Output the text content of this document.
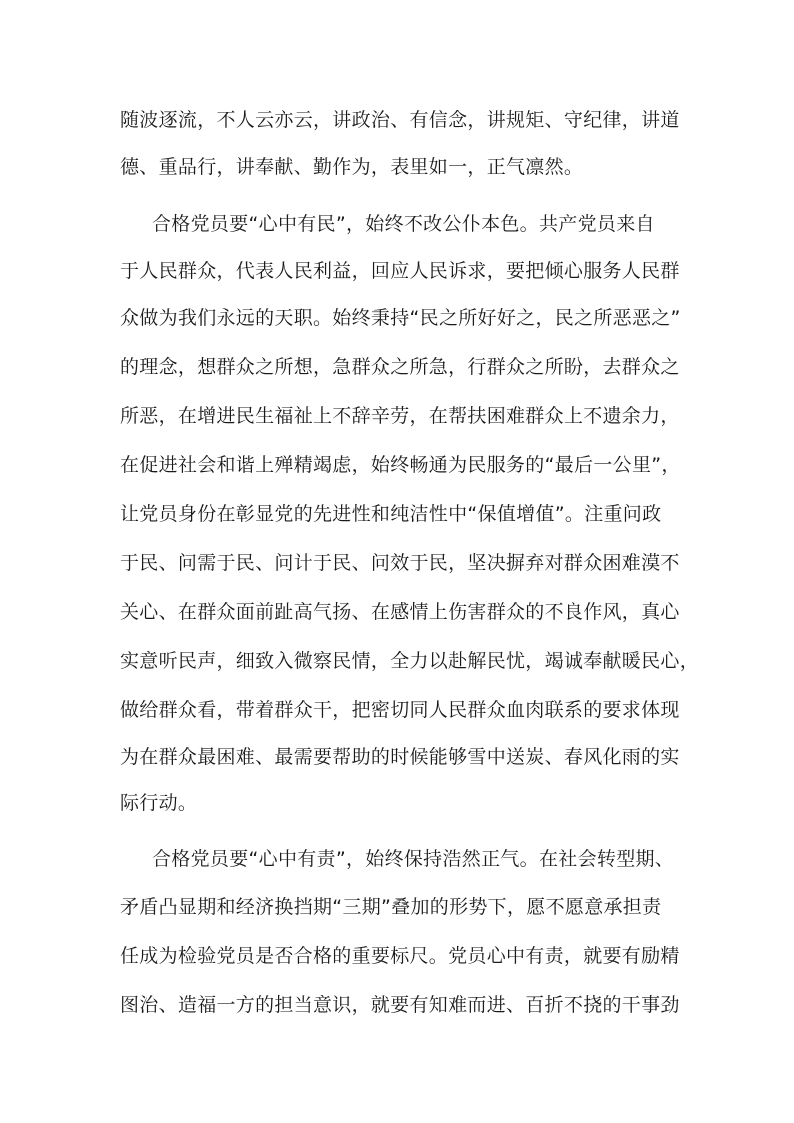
随波逐流，不人云亦云，讲政治、有信念，讲规矩、守纪律，讲道
德、重品行，讲奉献、勤作为，表里如一，正气凛然。
合格党员要“心中有民”，始终不改公仆本色。共产党员来自
于人民群众，代表人民利益，回应人民诉求，要把倾心服务人民群
众做为我们永远的天职。始终秉持“民之所好好之，民之所恶恶之”
的理念，想群众之所想，急群众之所急，行群众之所盼，去群众之
所恶，在增进民生福祉上不辞辛劳，在帮扶困难群众上不遗余力，
在促进社会和谐上殚精竭虑，始终畅通为民服务的“最后一公里”，
让党员身份在彰显党的先进性和纯洁性中“保值增值”。注重问政
于民、问需于民、问计于民、问效于民，坚决摒弃对群众困难漠不
关心、在群众面前趾高气扬、在感情上伤害群众的不良作风，真心
实意听民声，细致入微察民情，全力以赴解民忧，竭诚奉献暖民心，
做给群众看，带着群众干，把密切同人民群众血肉联系的要求体现
为在群众最困难、最需要帮助的时候能够雪中送炭、春风化雨的实
际行动。
合格党员要“心中有责”，始终保持浩然正气。在社会转型期、
矛盾凸显期和经济换挡期“三期”叠加的形势下，愿不愿意承担责
任成为检验党员是否合格的重要标尺。党员心中有责，就要有励精
图治、造福一方的担当意识，就要有知难而进、百折不挠的干事劲
